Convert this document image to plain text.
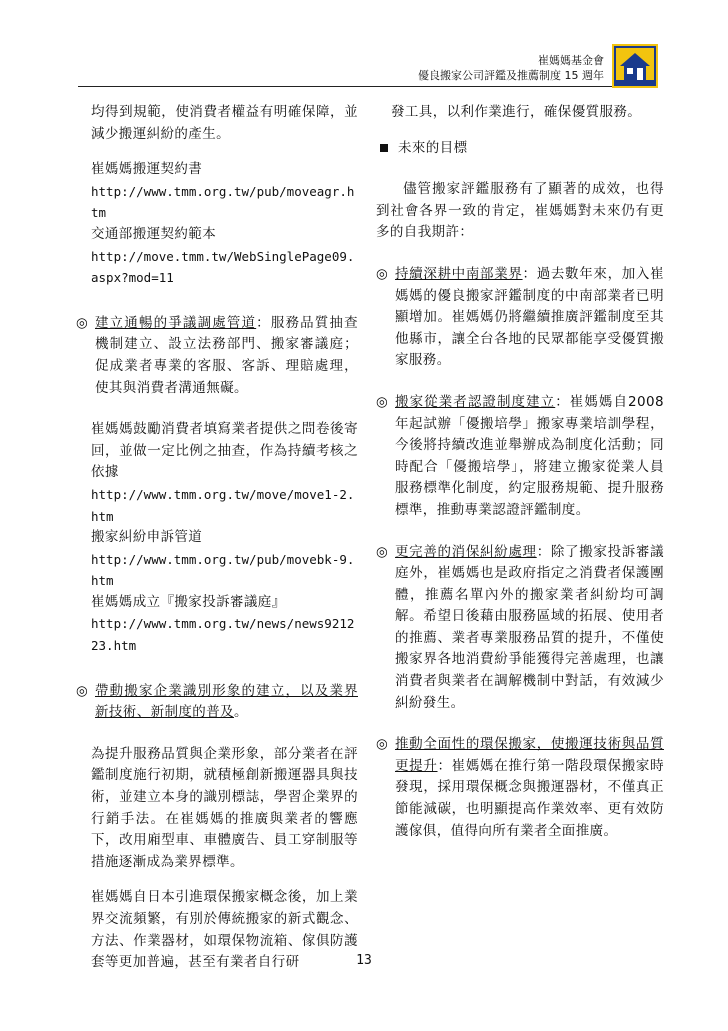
崔媽媽基金會
優良搬家公司評鑑及推薦制度 15 週年

均得到規範，使消費者權益有明確保障，並減少搬運糾紛的產生。

崔媽媽搬運契約書
http://www.tmm.org.tw/pub/moveagr.htm
交通部搬運契約範本
http://move.tmm.tw/WebSinglePage09.aspx?mod=11

◎ 建立通暢的爭議調處管道：服務品質抽查機制建立、設立法務部門、搬家審議庭；促成業者專業的客服、客訴、理賠處理，使其與消費者溝通無礙。

崔媽媽鼓勵消費者填寫業者提供之問卷後寄回，並做一定比例之抽查，作為持續考核之依據

http://www.tmm.org.tw/move/move1-2.htm
搬家糾紛申訴管道
http://www.tmm.org.tw/pub/movebk-9.htm
崔媽媽成立『搬家投訴審議庭』
http://www.tmm.org.tw/news/news921223.htm

◎ 帶動搬家企業識別形象的建立，以及業界新技術、新制度的普及。

為提升服務品質與企業形象，部分業者在評鑑制度施行初期，就積極創新搬運器具與技術，並建立本身的識別標誌，學習企業界的行銷手法。在崔媽媽的推廣與業者的響應下，改用廂型車、車體廣告、員工穿制服等措施逐漸成為業界標準。

崔媽媽自日本引進環保搬家概念後，加上業界交流頻繁，有別於傳統搬家的新式觀念、方法、作業器材，如環保物流箱、傢俱防護套等更加普遍，甚至有業者自行研

發工具，以利作業進行，確保優質服務。

未來的目標

儘管搬家評鑑服務有了顯著的成效，也得到社會各界一致的肯定，崔媽媽對未來仍有更多的自我期許：

◎ 持續深耕中南部業界：過去數年來，加入崔媽媽的優良搬家評鑑制度的中南部業者已明顯增加。崔媽媽仍將繼續推廣評鑑制度至其他縣市，讓全台各地的民眾都能享受優質搬家服務。

◎ 搬家從業者認證制度建立：崔媽媽自2008年起試辦「優搬培學」搬家專業培訓學程，今後將持續改進並舉辦成為制度化活動；同時配合「優搬培學」，將建立搬家從業人員服務標準化制度，約定服務規範、提升服務標準，推動專業認證評鑑制度。

◎ 更完善的消保糾紛處理：除了搬家投訴審議庭外，崔媽媽也是政府指定之消費者保護團體，推薦名單內外的搬家業者糾紛均可調解。希望日後藉由服務區域的拓展、使用者的推薦、業者專業服務品質的提升，不僅使搬家界各地消費紛爭能獲得完善處理，也讓消費者與業者在調解機制中對話，有效減少糾紛發生。

◎ 推動全面性的環保搬家，使搬運技術與品質更提升：崔媽媽在推行第一階段環保搬家時發現，採用環保概念與搬運器材，不僅真正節能減碳，也明顯提高作業效率、更有效防護傢俱，值得向所有業者全面推廣。

13
